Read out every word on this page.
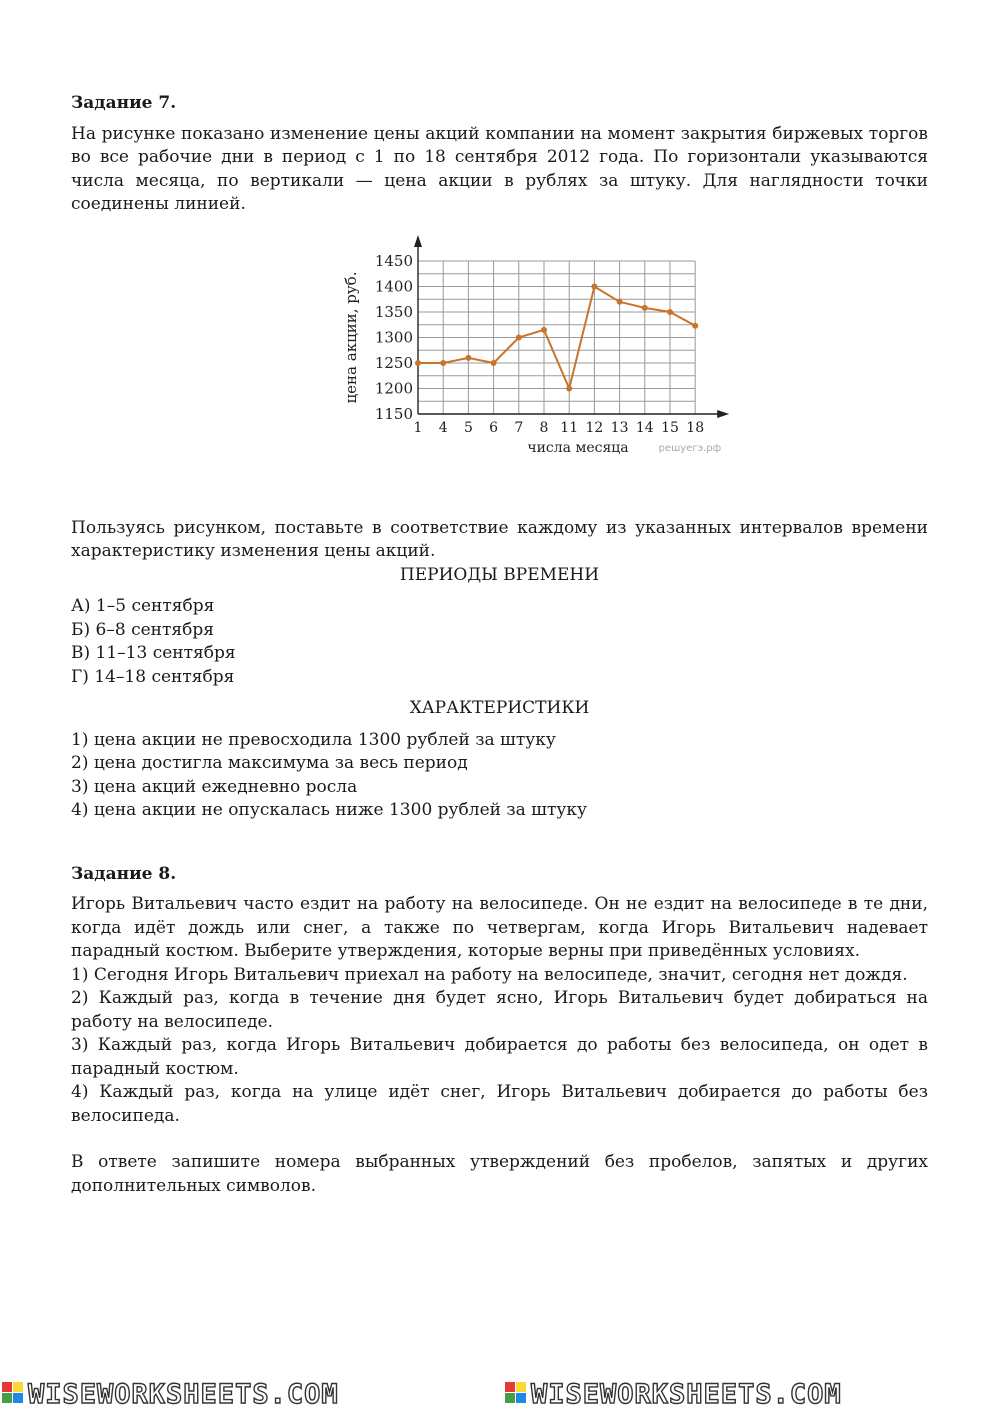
Задание 7.

На рисунке показано изменение цены акций компании на момент закрытия биржевых торгов во все рабочие дни в период с 1 по 18 сентября 2012 года. По горизонтали указываются числа месяца, по вертикали — цена акции в рублях за штуку. Для наглядности точки соединены линией.

1150
1200
1250
1300
1350
1400
1450
1 4 5 6 7 8 11 12 13 14 15 18
числа месяца	решуегэ.рф
цена акции, руб.

Пользуясь рисунком, поставьте в соответствие каждому из указанных интервалов времени характеристику изменения цены акций.

ПЕРИОДЫ ВРЕМЕНИ
А) 1–5 сентября
Б) 6–8 сентября
В) 11–13 сентября
Г) 14–18 сентября
ХАРАКТЕРИСТИКИ
1) цена акции не превосходила 1300 рублей за штуку
2) цена достигла максимума за весь период
3) цена акций ежедневно росла
4) цена акции не опускалась ниже 1300 рублей за штуку
Задание 8.

Игорь Витальевич часто ездит на работу на велосипеде. Он не ездит на велосипеде в те дни, когда идёт дождь или снег, а также по четвергам, когда Игорь Витальевич надевает парадный костюм. Выберите утверждения, которые верны при приведённых условиях.

1) Сегодня Игорь Витальевич приехал на работу на велосипеде, значит, сегодня нет дождя.

2) Каждый раз, когда в течение дня будет ясно, Игорь Витальевич будет добираться на работу на велосипеде.

3) Каждый раз, когда Игорь Витальевич добирается до работы без велосипеда, он одет в парадный костюм.

4) Каждый раз, когда на улице идёт снег, Игорь Витальевич добирается до работы без велосипеда.

В ответе запишите номера выбранных утверждений без пробелов, запятых и других дополнительных символов.

WISEWORKSHEETS.COM	WISEWORKSHEETS.COM
